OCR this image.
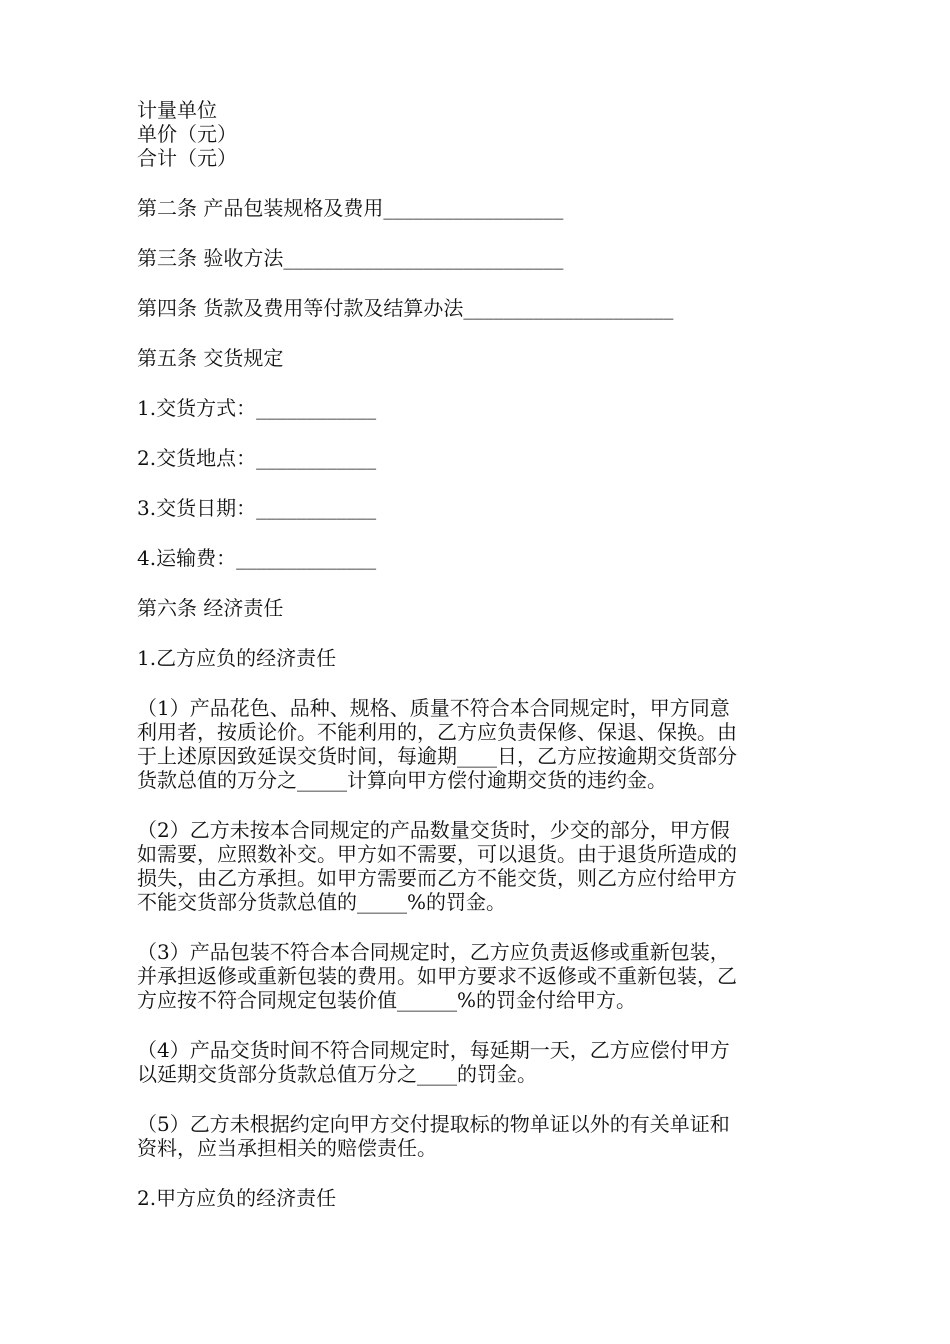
计量单位
单价（元）
合计（元）
第二条 产品包装规格及费用__________________
第三条 验收方法____________________________
第四条 货款及费用等付款及结算办法_____________________
第五条 交货规定
1.交货方式：____________
2.交货地点：____________
3.交货日期：____________
4.运输费：______________
第六条 经济责任
1.乙方应负的经济责任
（1）产品花色、品种、规格、质量不符合本合同规定时，甲方同意
利用者，按质论价。不能利用的，乙方应负责保修、保退、保换。由
于上述原因致延误交货时间，每逾期____日，乙方应按逾期交货部分
货款总值的万分之_____计算向甲方偿付逾期交货的违约金。
（2）乙方未按本合同规定的产品数量交货时，少交的部分，甲方假
如需要，应照数补交。甲方如不需要，可以退货。由于退货所造成的
损失，由乙方承担。如甲方需要而乙方不能交货，则乙方应付给甲方
不能交货部分货款总值的_____%的罚金。
（3）产品包装不符合本合同规定时，乙方应负责返修或重新包装，
并承担返修或重新包装的费用。如甲方要求不返修或不重新包装，乙
方应按不符合同规定包装价值______%的罚金付给甲方。
（4）产品交货时间不符合同规定时，每延期一天，乙方应偿付甲方
以延期交货部分货款总值万分之____的罚金。
（5）乙方未根据约定向甲方交付提取标的物单证以外的有关单证和
资料，应当承担相关的赔偿责任。
2.甲方应负的经济责任
